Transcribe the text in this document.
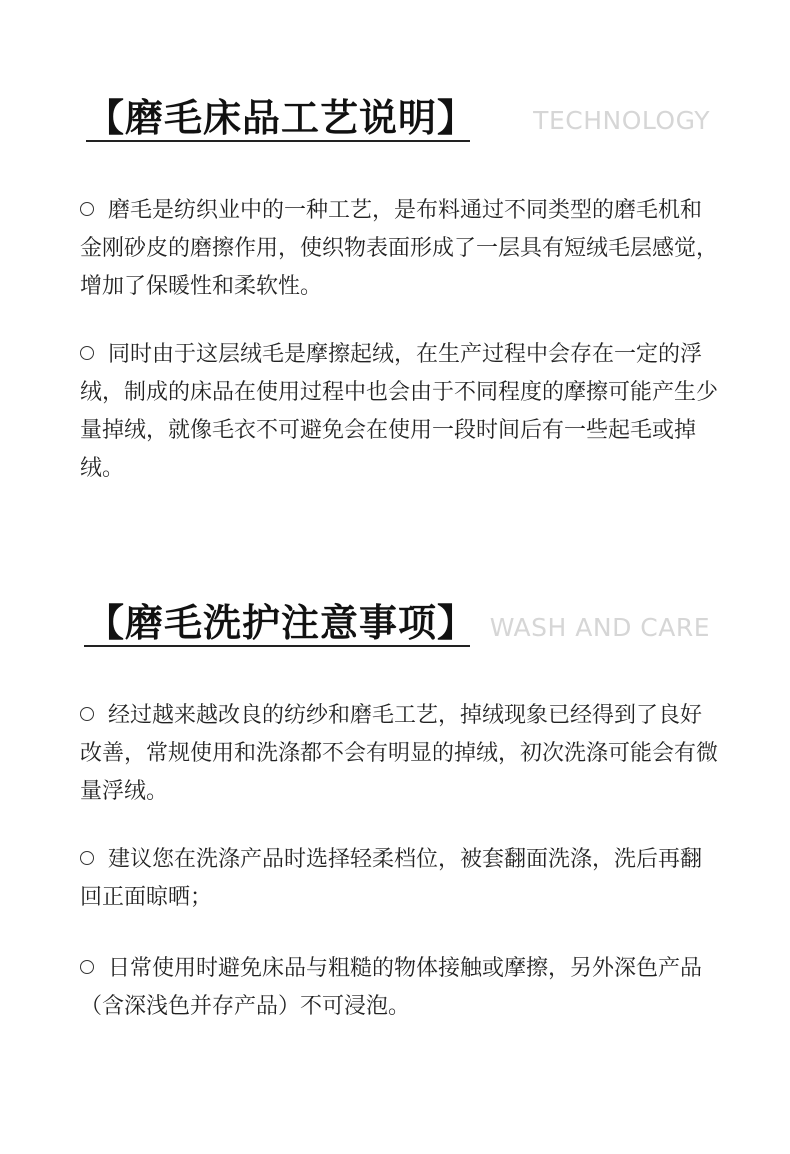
【磨毛床品工艺说明】 TECHNOLOGY

磨毛是纺织业中的一种工艺，是布料通过不同类型的磨毛机和金刚砂皮的磨擦作用，使织物表面形成了一层具有短绒毛层感觉，增加了保暖性和柔软性。

同时由于这层绒毛是摩擦起绒，在生产过程中会存在一定的浮绒，制成的床品在使用过程中也会由于不同程度的摩擦可能产生少量掉绒，就像毛衣不可避免会在使用一段时间后有一些起毛或掉绒。

【磨毛洗护注意事项】 WASH AND CARE

经过越来越改良的纺纱和磨毛工艺，掉绒现象已经得到了良好改善，常规使用和洗涤都不会有明显的掉绒，初次洗涤可能会有微量浮绒。

建议您在洗涤产品时选择轻柔档位，被套翻面洗涤，洗后再翻回正面晾晒；

日常使用时避免床品与粗糙的物体接触或摩擦，另外深色产品（含深浅色并存产品）不可浸泡。
